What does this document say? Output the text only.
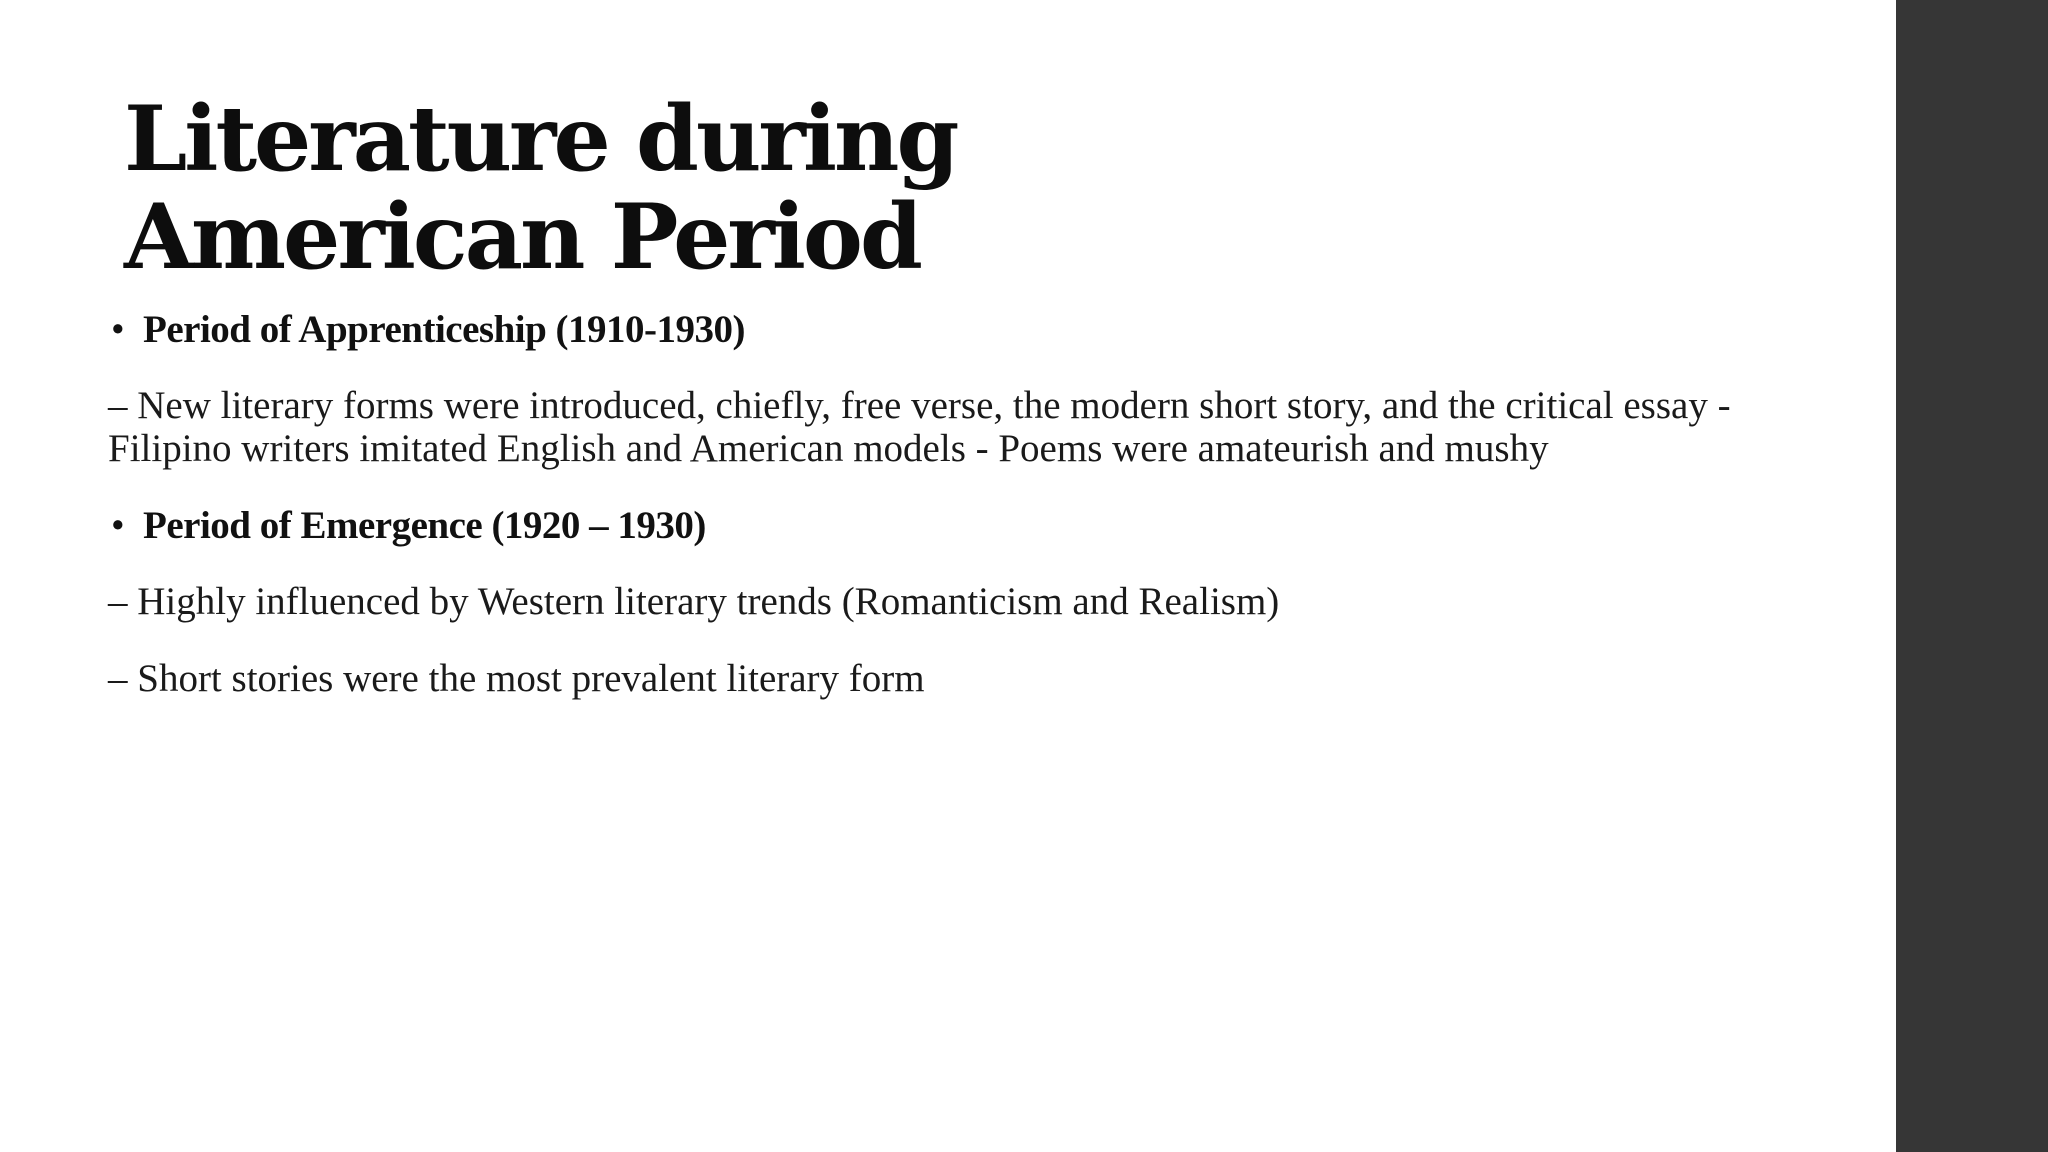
Literature during American Period

• Period of Apprenticeship (1910-1930)

– New literary forms were introduced, chiefly, free verse, the modern short story, and the critical essay - Filipino writers imitated English and American models - Poems were amateurish and mushy

• Period of Emergence (1920 – 1930)

– Highly influenced by Western literary trends (Romanticism and Realism)

– Short stories were the most prevalent literary form
